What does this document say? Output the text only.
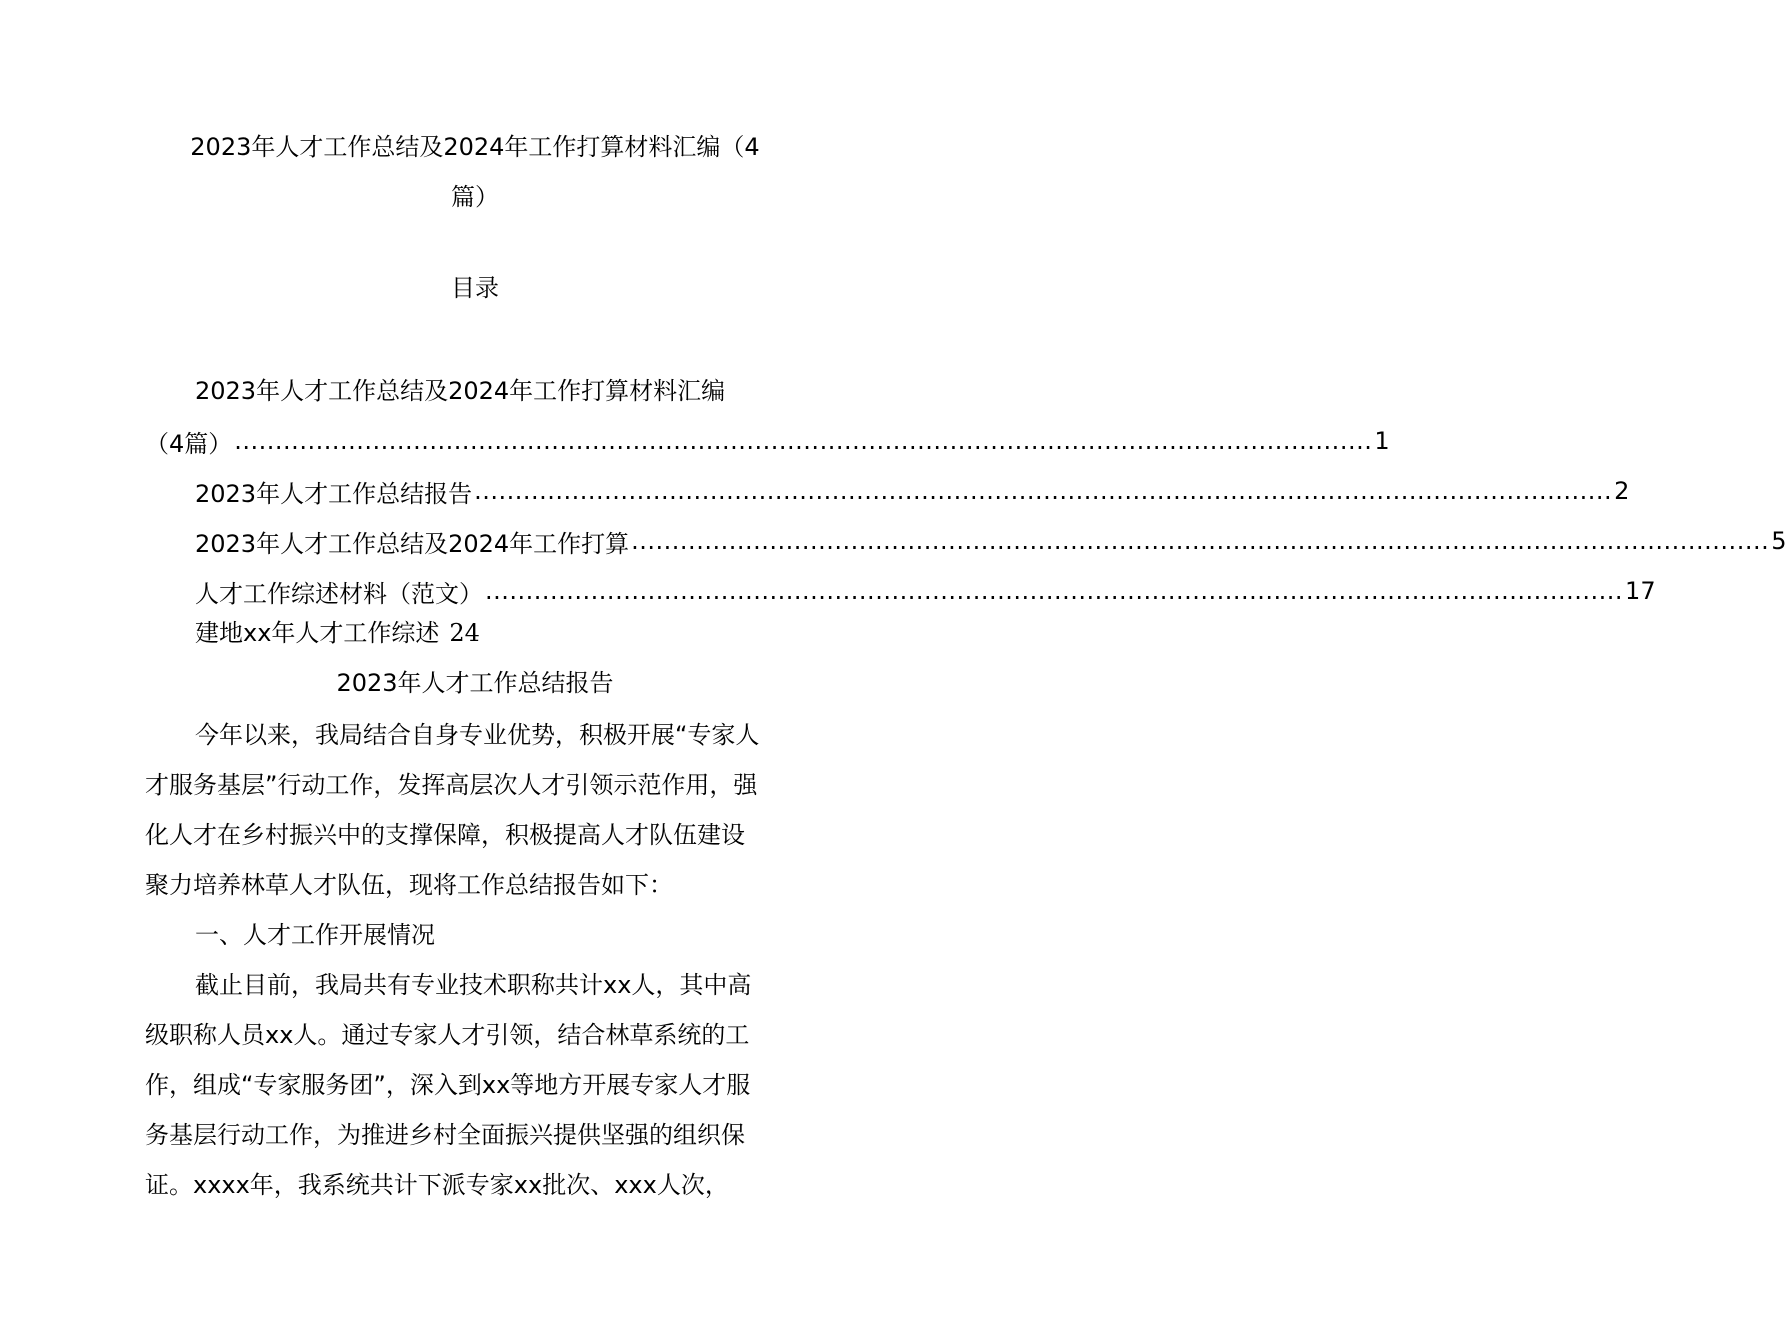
2023年人才工作总结及2024年工作打算材料汇编（4
篇）
目录
2023年人才工作总结及2024年工作打算材料汇编
（4篇） ............................................................................................................................................ 1
2023年人才工作总结报告 ............................................................................................................................................ 2
2023年人才工作总结及2024年工作打算 ............................................................................................................................................ 5
人才工作综述材料（范文） ............................................................................................................................................ 17
建地xx年人才工作综述 24
2023年人才工作总结报告
今年以来，我局结合自身专业优势，积极开展“专家人
才服务基层”行动工作，发挥高层次人才引领示范作用，强
化人才在乡村振兴中的支撑保障，积极提高人才队伍建设
聚力培养林草人才队伍，现将工作总结报告如下：
一、人才工作开展情况
截止目前，我局共有专业技术职称共计xx人，其中高
级职称人员xx人。通过专家人才引领，结合林草系统的工
作，组成“专家服务团”，深入到xx等地方开展专家人才服
务基层行动工作，为推进乡村全面振兴提供坚强的组织保
证。xxxx年，我系统共计下派专家xx批次、xxx人次，
